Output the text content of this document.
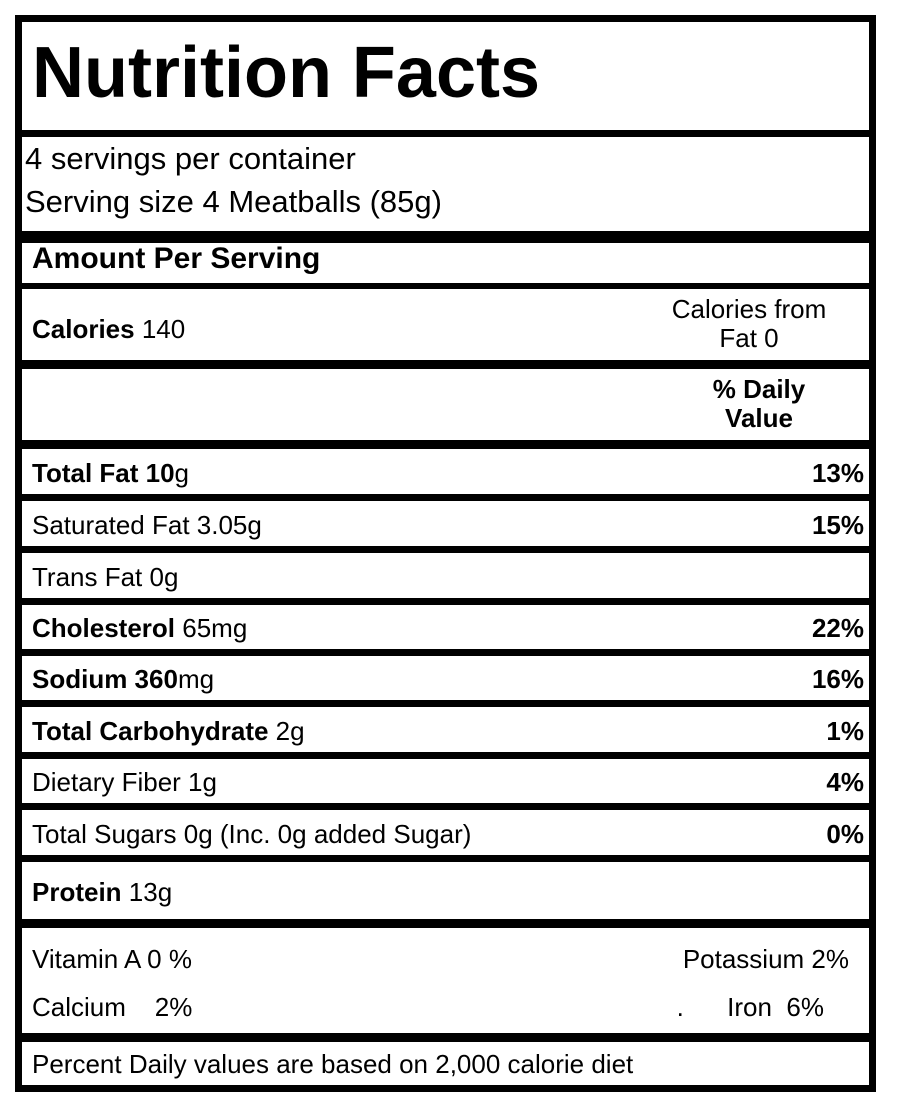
Nutrition Facts
4 servings per container
Serving size 4 Meatballs (85g)
Amount Per Serving
Calories 140
Calories from
Fat 0
% Daily
Value
Total Fat 10g	13%
Saturated Fat 3.05g	15%
Trans Fat 0g
Cholesterol 65mg	22%
Sodium 360mg	16%
Total Carbohydrate 2g	1%
Dietary Fiber 1g	4%
Total Sugars 0g (Inc. 0g added Sugar)	0%
Protein 13g
Vitamin A 0 %	Potassium 2%
Calcium    2%	.      Iron  6%
Percent Daily values are based on 2,000 calorie diet
